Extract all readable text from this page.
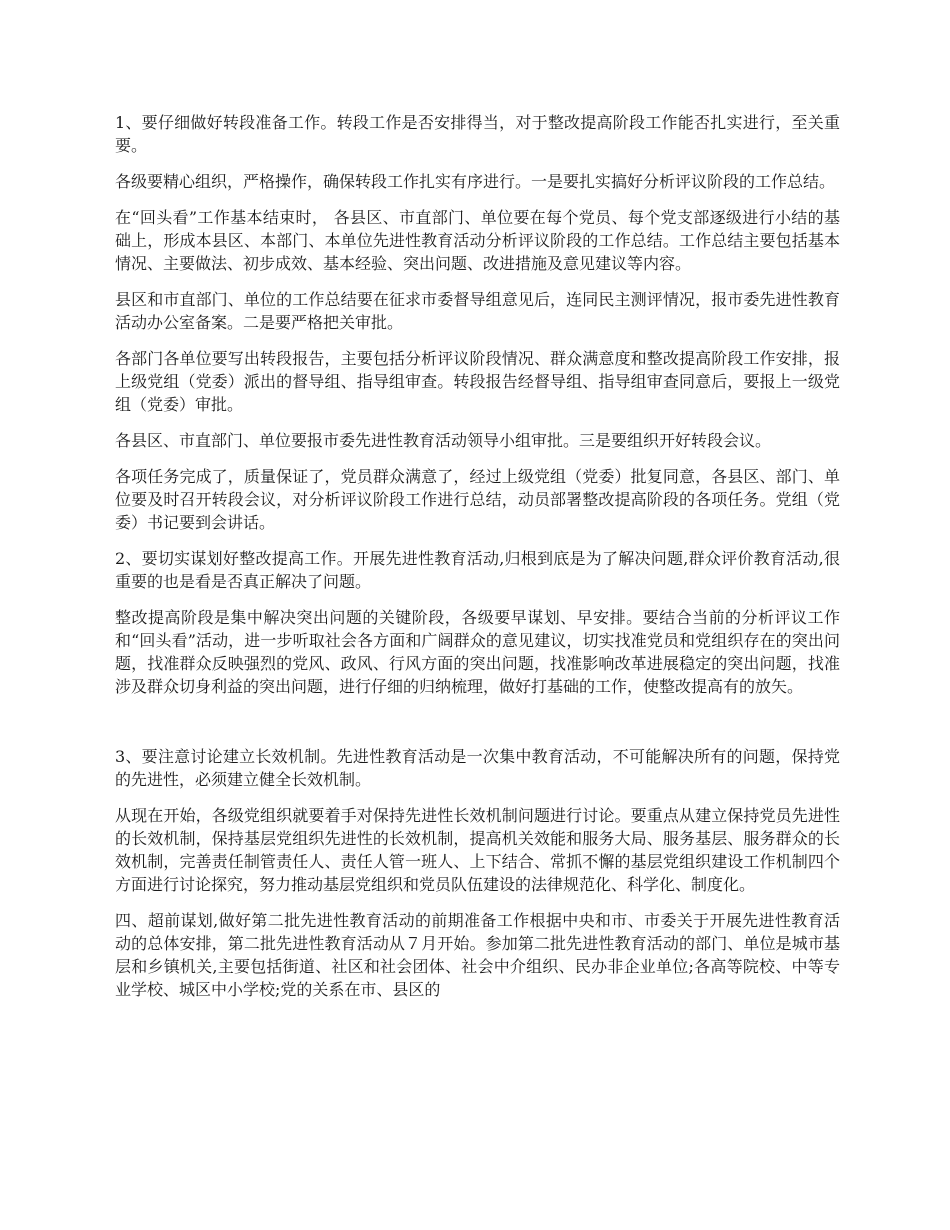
1、要仔细做好转段准备工作。转段工作是否安排得当，对于整改提高阶段工作能否扎实进行，至关重要。

各级要精心组织，严格操作，确保转段工作扎实有序进行。一是要扎实搞好分析评议阶段的工作总结。

在“回头看”工作基本结束时， 各县区、市直部门、单位要在每个党员、每个党支部逐级进行小结的基础上，形成本县区、本部门、本单位先进性教育活动分析评议阶段的工作总结。工作总结主要包括基本情况、主要做法、初步成效、基本经验、突出问题、改进措施及意见建议等内容。

县区和市直部门、单位的工作总结要在征求市委督导组意见后，连同民主测评情况，报市委先进性教育活动办公室备案。二是要严格把关审批。

各部门各单位要写出转段报告，主要包括分析评议阶段情况、群众满意度和整改提高阶段工作安排，报上级党组（党委）派出的督导组、指导组审查。转段报告经督导组、指导组审查同意后，要报上一级党组（党委）审批。

各县区、市直部门、单位要报市委先进性教育活动领导小组审批。三是要组织开好转段会议。

各项任务完成了，质量保证了，党员群众满意了，经过上级党组（党委）批复同意，各县区、部门、单位要及时召开转段会议，对分析评议阶段工作进行总结，动员部署整改提高阶段的各项任务。党组（党委）书记要到会讲话。

2、要切实谋划好整改提高工作。开展先进性教育活动,归根到底是为了解决问题,群众评价教育活动,很重要的也是看是否真正解决了问题。

整改提高阶段是集中解决突出问题的关键阶段，各级要早谋划、早安排。要结合当前的分析评议工作和“回头看”活动，进一步听取社会各方面和广阔群众的意见建议，切实找准党员和党组织存在的突出问题，找准群众反映强烈的党风、政风、行风方面的突出问题，找准影响改革进展稳定的突出问题，找准涉及群众切身利益的突出问题，进行仔细的归纳梳理，做好打基础的工作，使整改提高有的放矢。

3、要注意讨论建立长效机制。先进性教育活动是一次集中教育活动，不可能解决所有的问题，保持党的先进性，必须建立健全长效机制。

从现在开始，各级党组织就要着手对保持先进性长效机制问题进行讨论。要重点从建立保持党员先进性的长效机制，保持基层党组织先进性的长效机制，提高机关效能和服务大局、服务基层、服务群众的长效机制，完善责任制管责任人、责任人管一班人、上下结合、常抓不懈的基层党组织建设工作机制四个方面进行讨论探究，努力推动基层党组织和党员队伍建设的法律规范化、科学化、制度化。

四、超前谋划,做好第二批先进性教育活动的前期准备工作根据中央和市、市委关于开展先进性教育活动的总体安排，第二批先进性教育活动从７月开始。参加第二批先进性教育活动的部门、单位是城市基层和乡镇机关,主要包括街道、社区和社会团体、社会中介组织、民办非企业单位;各高等院校、中等专业学校、城区中小学校;党的关系在市、县区的
